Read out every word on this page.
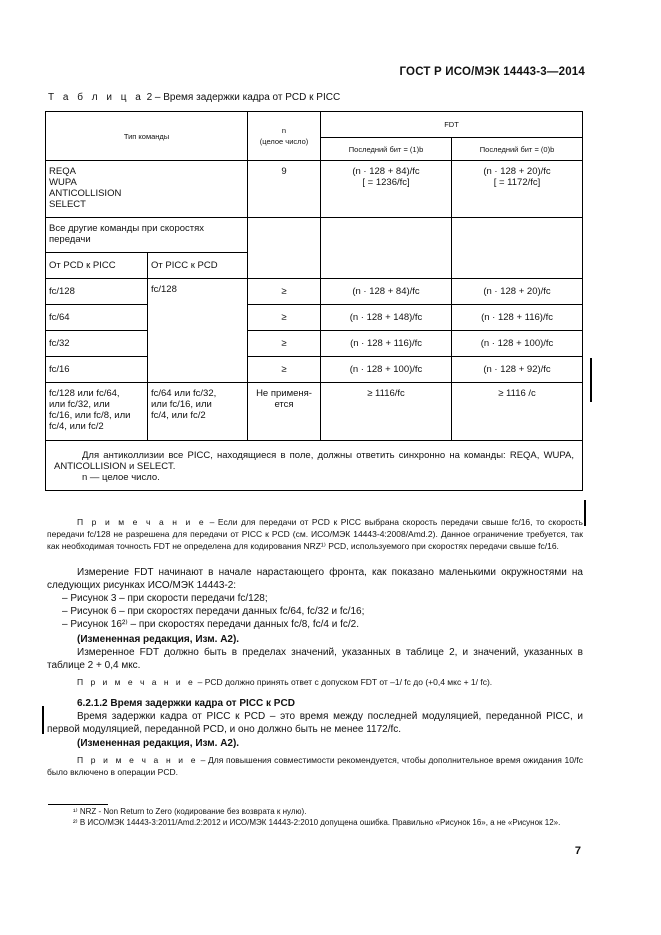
ГОСТ Р ИСО/МЭК 14443-3—2014
Т а б л и ц а 2 – Время задержки кадра от PCD к PICC
Тип команды		n
(целое число)	FDT	
			Последний бит = (1)b	Последний бит = (0)b
REQA
WUPA
ANTICOLLISION
SELECT		9	(n · 128 + 84)/fc
[ = 1236/fc]	(n · 128 + 20)/fc
[ = 1172/fc]
Все другие команды при скоростях передачи				
От PCD к PICC	От PICC к PCD			
fc/128	fc/128	≥	(n · 128 + 84)/fc	(n · 128 + 20)/fc
fc/64		≥	(n · 128 + 148)/fc	(n · 128 + 116)/fc
fc/32		≥	(n · 128 + 116)/fc	(n · 128 + 100)/fc
fc/16		≥	(n · 128 + 100)/fc	(n · 128 + 92)/fc
fc/128 или fc/64,
или fc/32, или
fc/16, или fc/8, или
fc/4, или fc/2	fc/64 или fc/32,
или fc/16, или
fc/4, или fc/2	Не применя-
ется	≥ 1116/fc	≥ 1116 /c

Для антиколлизии все PICC, находящиеся в поле, должны ответить синхронно на команды: REQA, WUPA, ANTICOLLISION и SELECT.
n — целое число.				
П р и м е ч а н и е – Если для передачи от PCD к PICC выбрана скорость передачи свыше fc/16, то скорость передачи fc/128 не разрешена для передачи от PICC к PCD (см. ИСО/МЭК 14443-4:2008/Amd.2). Данное ограничение требуется, так как необходимая точность FDT не определена для кодирования NRZ¹⁾ PCD, используемого при скоростях передачи свыше fc/16.
Измерение FDT начинают в начале нарастающего фронта, как показано маленькими окружностями на следующих рисунках ИСО/МЭК 14443-2:
– Рисунок 3 – при скорости передачи fc/128;
– Рисунок 6 – при скоростях передачи данных fc/64, fc/32 и fc/16;
– Рисунок 16²⁾ – при скоростях передачи данных fc/8, fc/4 и fc/2.
(Измененная редакция, Изм. А2).
Измеренное FDT должно быть в пределах значений, указанных в таблице 2, и значений, указанных в таблице 2 + 0,4 мкс.
П р и м е ч а н и е – PCD должно принять ответ с допуском FDT от –1/ fc до (+0,4 мкс + 1/ fc).
6.2.1.2 Время задержки кадра от PICC к PCD
Время задержки кадра от PICC к PCD – это время между последней модуляцией, переданной PICC, и первой модуляцией, переданной PCD, и оно должно быть не менее 1172/fc.
(Измененная редакция, Изм. А2).
П р и м е ч а н и е – Для повышения совместимости рекомендуется, чтобы дополнительное время ожидания 10/fc было включено в операции PCD.
¹⁾ NRZ - Non Return to Zero (кодирование без возврата к нулю).
²⁾ В ИСО/МЭК 14443-3:2011/Amd.2:2012 и ИСО/МЭК 14443-2:2010 допущена ошибка. Правильно «Рисунок 16», а не «Рисунок 12».
7
